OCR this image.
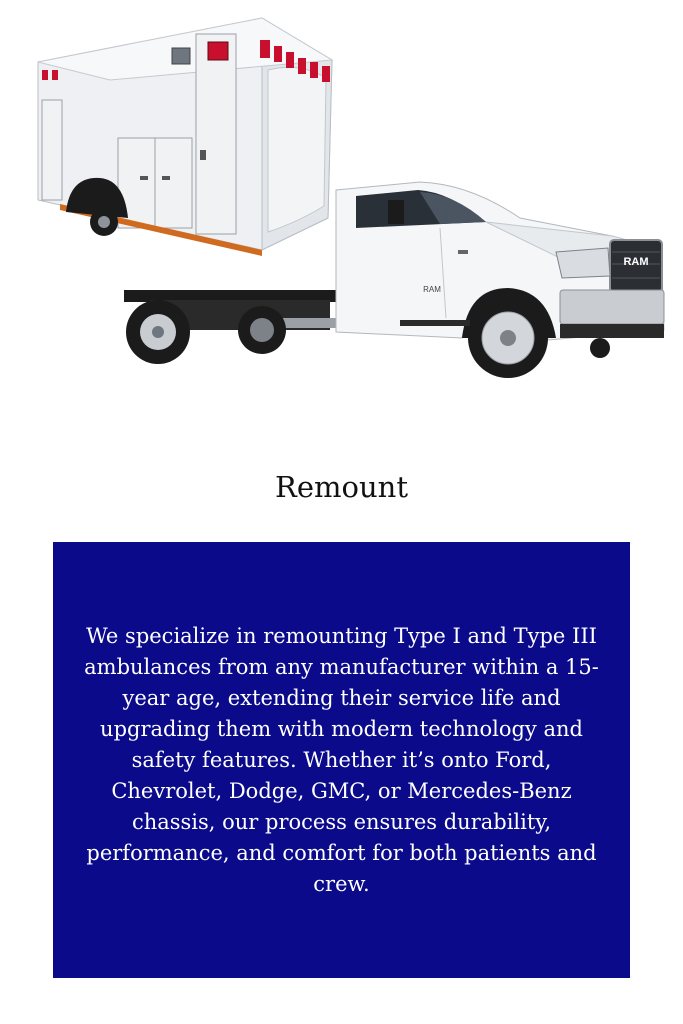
RAM
RAM
Remount

We specialize in remounting Type I and Type III ambulances from any manufacturer within a 15-year age, extending their service life and upgrading them with modern technology and safety features. Whether it’s onto Ford, Chevrolet, Dodge, GMC, or Mercedes-Benz chassis, our process ensures durability, performance, and comfort for both patients and crew.
